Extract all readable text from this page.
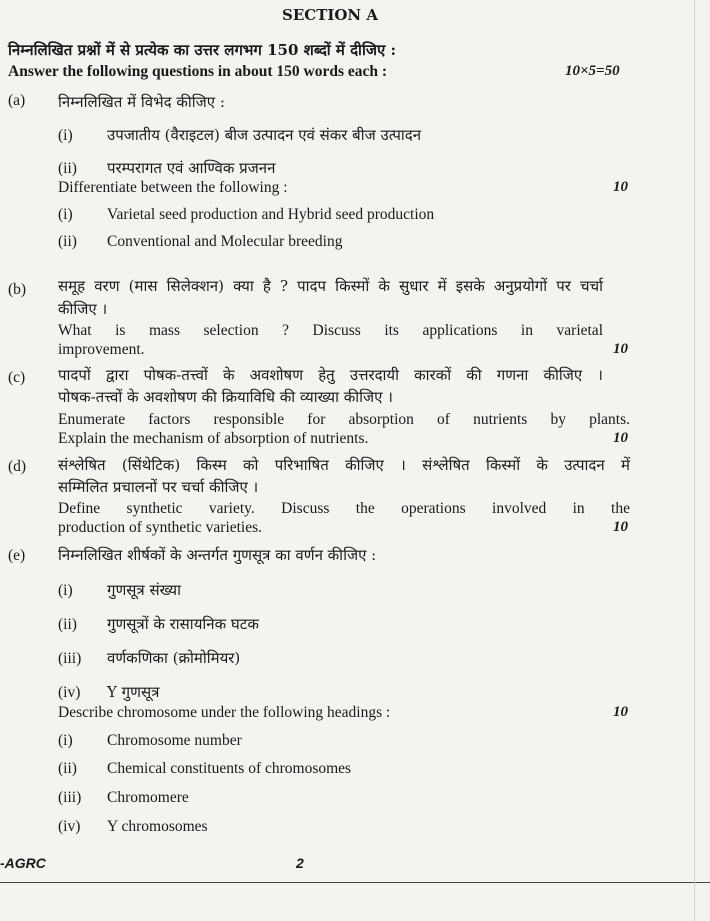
SECTION A
निम्नलिखित प्रश्नों में से प्रत्येक का उत्तर लगभग 150 शब्दों में दीजिए :
Answer the following questions in about 150 words each :	10×5=50
(a) निम्नलिखित में विभेद कीजिए :
(i) उपजातीय (वैराइटल) बीज उत्पादन एवं संकर बीज उत्पादन
(ii) परम्परागत एवं आण्विक प्रजनन
Differentiate between the following :	10
(i) Varietal seed production and Hybrid seed production
(ii) Conventional and Molecular breeding
(b) समूह वरण (मास सिलेक्शन) क्या है ? पादप किस्मों के सुधार में इसके अनुप्रयोगों पर चर्चा
कीजिए ।
What is mass selection ? Discuss its applications in varietal
improvement.	10
(c) पादपों द्वारा पोषक-तत्त्वों के अवशोषण हेतु उत्तरदायी कारकों की गणना कीजिए ।
पोषक-तत्त्वों के अवशोषण की क्रियाविधि की व्याख्या कीजिए ।
Enumerate factors responsible for absorption of nutrients by plants.
Explain the mechanism of absorption of nutrients.	10
(d) संश्लेषित (सिंथेटिक) किस्म को परिभाषित कीजिए । संश्लेषित किस्मों के उत्पादन में
सम्मिलित प्रचालनों पर चर्चा कीजिए ।
Define synthetic variety. Discuss the operations involved in the
production of synthetic varieties.	10
(e) निम्नलिखित शीर्षकों के अन्तर्गत गुणसूत्र का वर्णन कीजिए :
(i) गुणसूत्र संख्या
(ii) गुणसूत्रों के रासायनिक घटक
(iii) वर्णकणिका (क्रोमोमियर)
(iv) Y गुणसूत्र
Describe chromosome under the following headings :	10
(i) Chromosome number
(ii) Chemical constituents of chromosomes
(iii) Chromomere
(iv) Y chromosomes
-AGRC	2
